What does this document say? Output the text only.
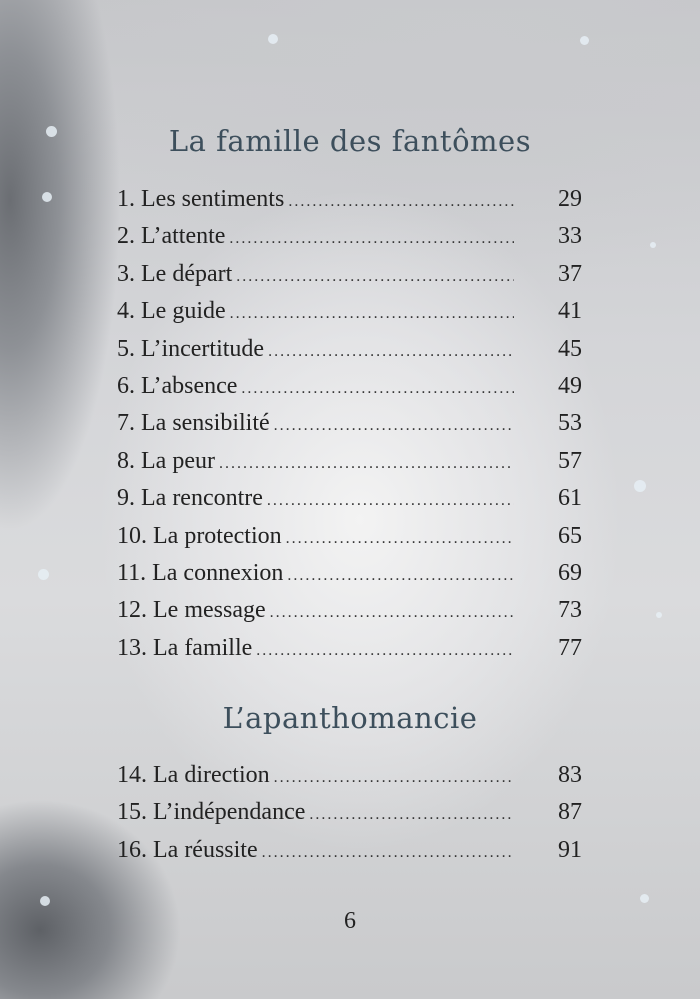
La famille des fantômes
1. Les sentiments .....	29
2. L’attente .....	33
3. Le départ .....	37
4. Le guide .....	41
5. L’incertitude .....	45
6. L’absence .....	49
7. La sensibilité .....	53
8. La peur .....	57
9. La rencontre .....	61
10. La protection .....	65
11. La connexion .....	69
12. Le message .....	73
13. La famille .....	77
L’apanthomancie
14. La direction .....	83
15. L’indépendance .....	87
16. La réussite .....	91
6
